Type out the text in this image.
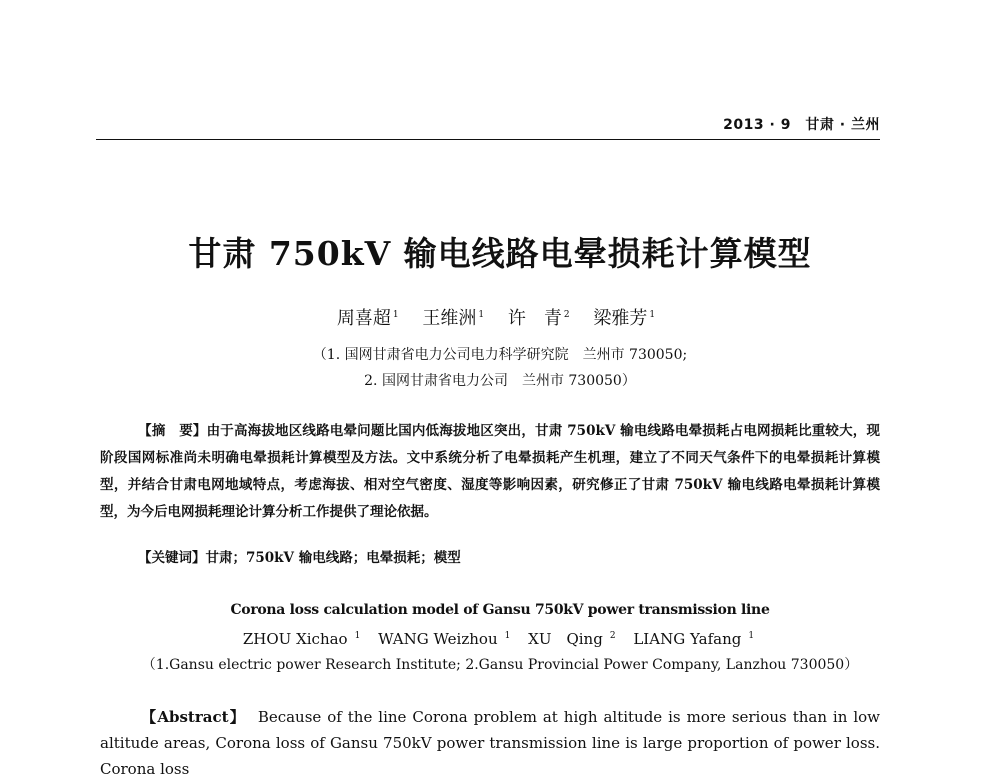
2013 · 9　甘肃 · 兰州
甘肃 750kV 输电线路电晕损耗计算模型
周喜超 $^1$ 王维洲 $^1$ 许　青 $^2$ 梁雅芳 $^1$
（1. 国网甘肃省电力公司电力科学研究院　兰州市 730050;
2. 国网甘肃省电力公司　兰州市 730050）
【摘　要】由于高海拔地区线路电晕问题比国内低海拔地区突出，甘肃 750kV 输电线路电晕损耗占电网损耗比重较大，现阶段国网标准尚未明确电晕损耗计算模型及方法。文中系统分析了电晕损耗产生机理，建立了不同天气条件下的电晕损耗计算模型，并结合甘肃电网地域特点，考虑海拔、相对空气密度、湿度等影响因素，研究修正了甘肃 750kV 输电线路电晕损耗计算模型，为今后电网损耗理论计算分析工作提供了理论依据。
【关键词】甘肃；750kV 输电线路；电晕损耗；模型
Corona loss calculation model of Gansu 750kV power transmission line
ZHOU Xichao $^1$ WANG Weizhou $^1$ XU　Qing $^2$ LIANG Yafang $^1$
（1.Gansu electric power Research Institute; 2.Gansu Provincial Power Company, Lanzhou 730050）
【Abstract】 Because of the line Corona problem at high altitude is more serious than in low altitude areas, Corona loss of Gansu 750kV power transmission line is large proportion of power loss. Corona loss
